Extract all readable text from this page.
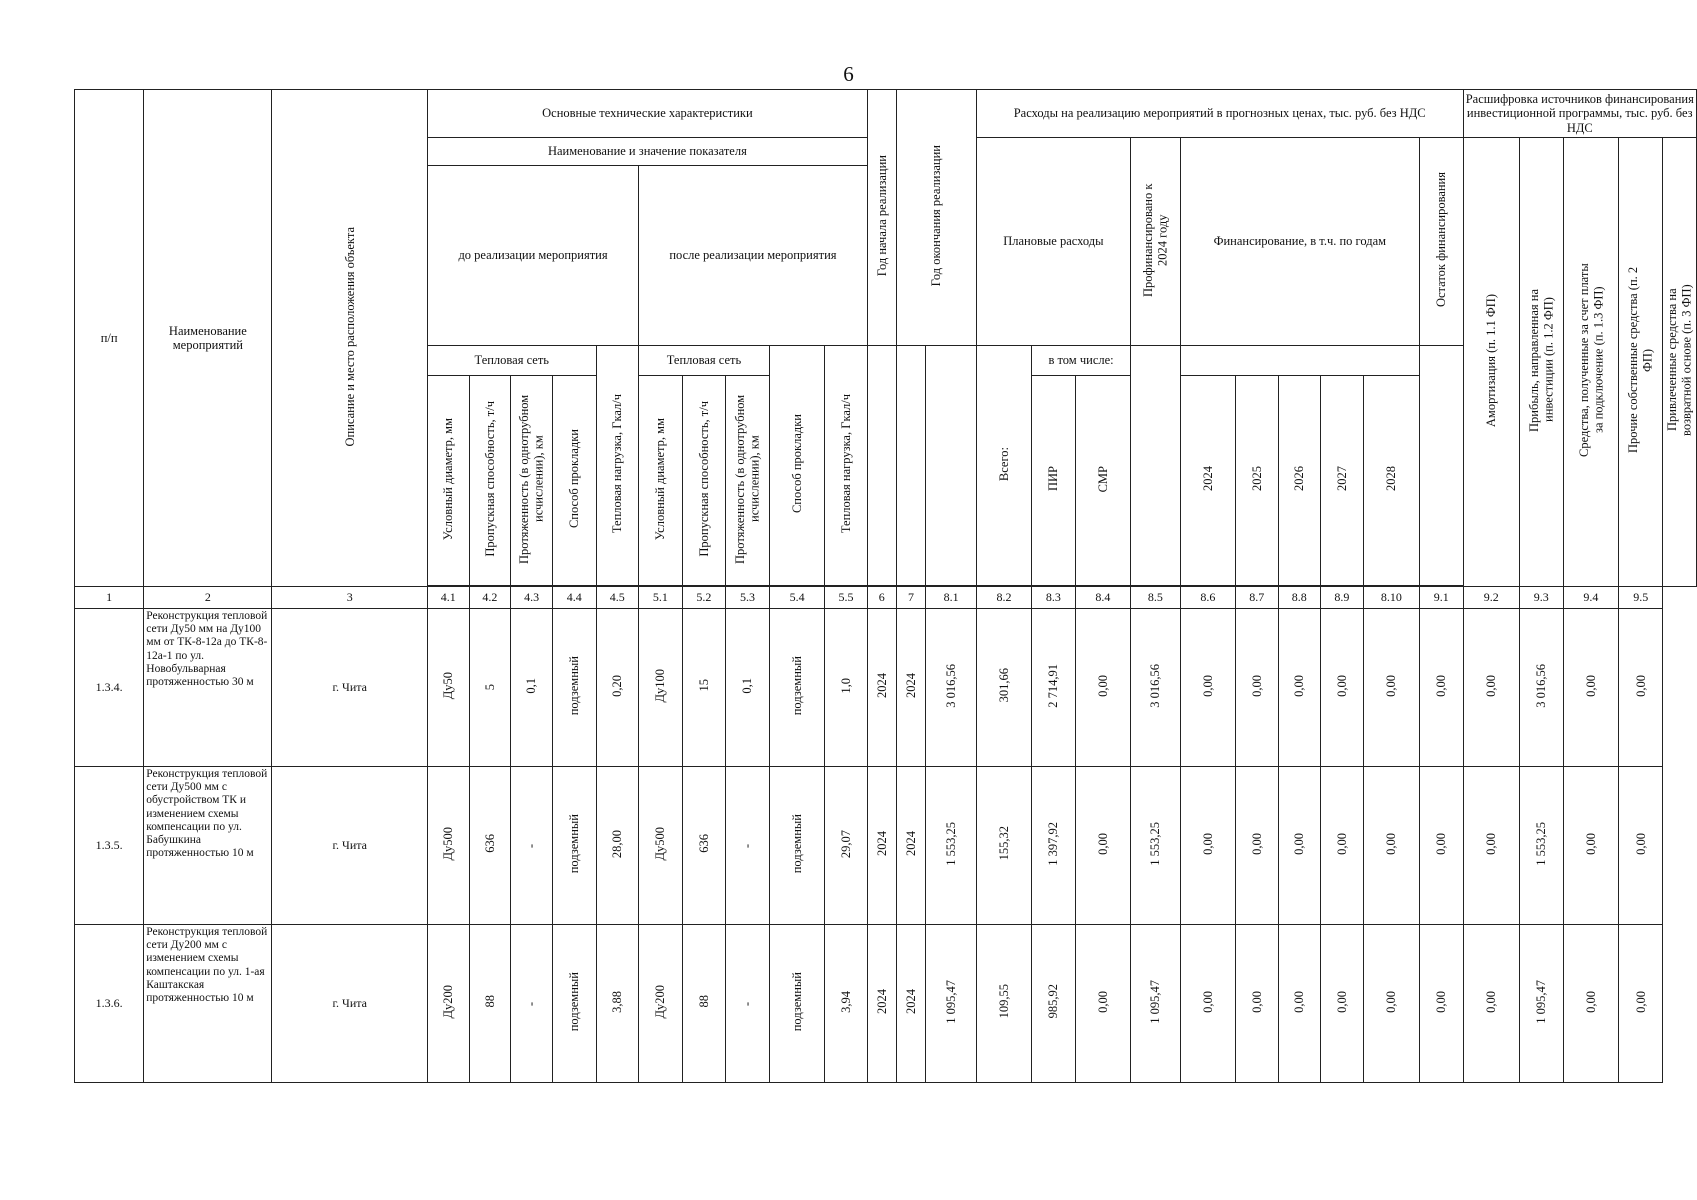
6
п/п	Наименование мероприятий	Описание и место расположения объекта	Основные технические характеристики										Год начала реализации	Год окончания реализации		Расходы на реализацию мероприятий в прогнозных ценах, тыс. руб. без НДС										Расшифровка источников финансирования инвестиционной программы, тыс. руб. без НДС				
			Наименование и значение показателя													Плановые расходы			Профинансировано к 2024 году	Финансирование, в т.ч. по годам					Остаток финансирования	Амортизация (п. 1.1 ФП)	Прибыль, направленная на инвестиции (п. 1.2 ФП)	Средства, полученные за счет платы за подключение (п. 1.3 ФП)	Прочие собственные средства (п. 2 ФП)	Привлеченные средства на возвратной основе (п. 3 ФП)
			до реализации мероприятия					после реализации мероприятия																						
			Тепловая сеть				Тепловая нагрузка, Гкал/ч	Тепловая сеть			Способ прокладки	Тепловая нагрузка, Гкал/ч				Всего:	в том числе:													
			Условный диаметр, мм	Пропускная способность, т/ч	Протяженность (в однотрубном исчислении), км	Способ прокладки		Условный диаметр, мм	Пропускная способность, т/ч	Протяженность (в однотрубном исчислении), км							ПИР	СМР		2024	2025	2026	2027	2028						

1	2	3	4.1	4.2	4.3	4.4	4.5	5.1	5.2	5.3	5.4	5.5	6	7	8.1	8.2	8.3	8.4	8.5	8.6	8.7	8.8	8.9	8.10	9.1	9.2	9.3	9.4	9.5	
1.3.4.	Реконструкция тепловой сети Ду50 мм на Ду100 мм от ТК-8-12а до ТК-8-12а-1 по ул. Новобульварная протяженностью 30 м	г. Чита	Ду50	5	0,1	подземный	0,20	Ду100	15	0,1	подземный	1,0	2024	2024	3 016,56	301,66	2 714,91	0,00	3 016,56	0,00	0,00	0,00	0,00	0,00	0,00	0,00	3 016,56	0,00	0,00	
1.3.5.	Реконструкция тепловой сети Ду500 мм с обустройством ТК и изменением схемы компенсации по ул. Бабушкина протяженностью 10 м	г. Чита	Ду500	636	-	подземный	28,00	Ду500	636	-	подземный	29,07	2024	2024	1 553,25	155,32	1 397,92	0,00	1 553,25	0,00	0,00	0,00	0,00	0,00	0,00	0,00	1 553,25	0,00	0,00	
1.3.6.	Реконструкция тепловой сети Ду200 мм с изменением схемы компенсации по ул. 1-ая Каштакская протяженностью 10 м	г. Чита	Ду200	88	-	подземный	3,88	Ду200	88	-	подземный	3,94	2024	2024	1 095,47	109,55	985,92	0,00	1 095,47	0,00	0,00	0,00	0,00	0,00	0,00	0,00	1 095,47	0,00	0,00	
